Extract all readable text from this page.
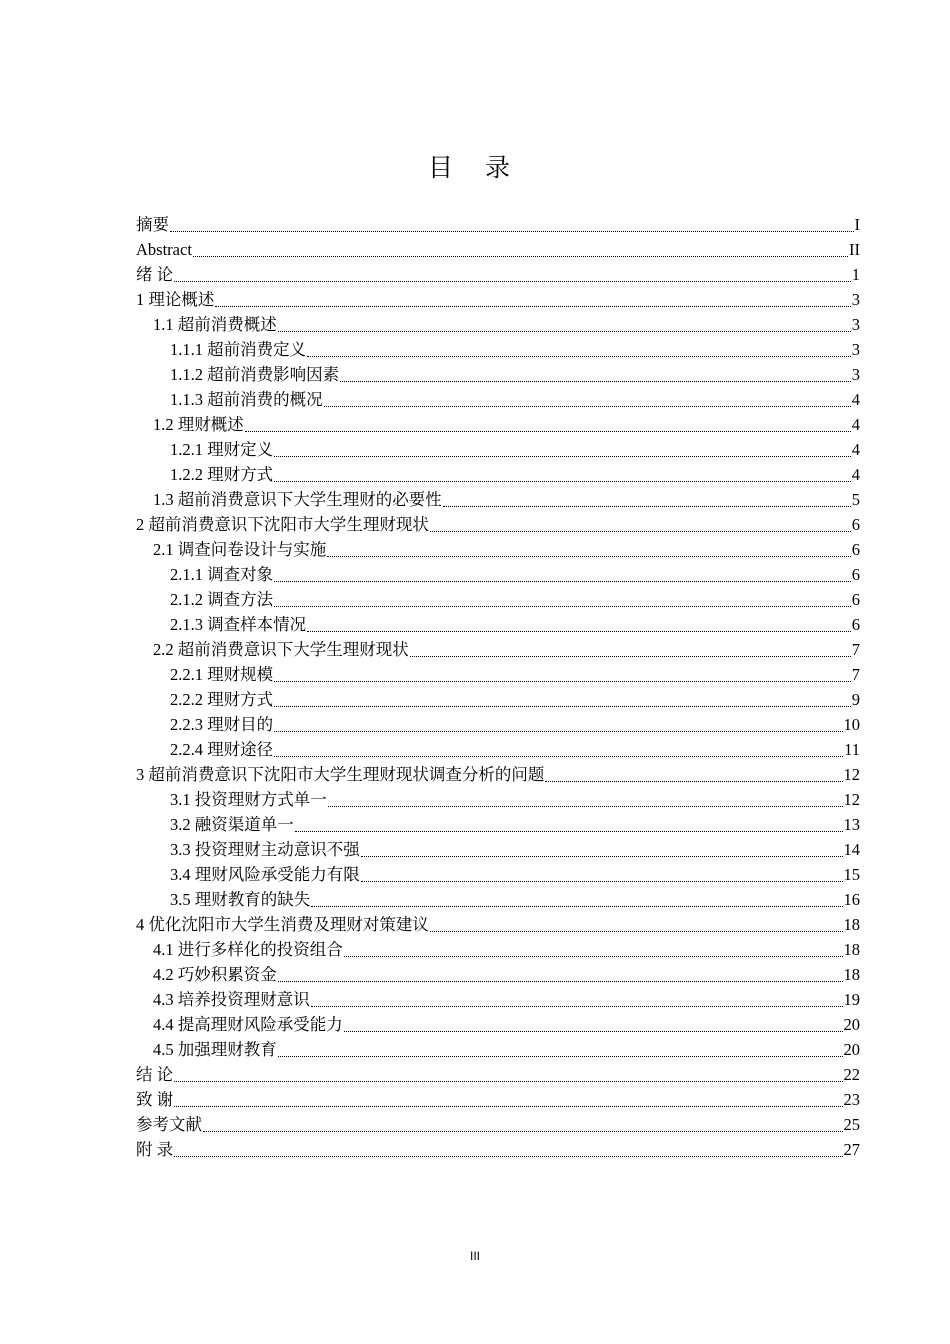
目 录
摘要	I
Abstract	II
绪 论	1
1 理论概述	3
1.1 超前消费概述	3
1.1.1 超前消费定义	3
1.1.2 超前消费影响因素	3
1.1.3 超前消费的概况	4
1.2 理财概述	4
1.2.1 理财定义	4
1.2.2 理财方式	4
1.3 超前消费意识下大学生理财的必要性	5
2 超前消费意识下沈阳市大学生理财现状	6
2.1 调查问卷设计与实施	6
2.1.1 调查对象	6
2.1.2 调查方法	6
2.1.3 调查样本情况	6
2.2 超前消费意识下大学生理财现状	7
2.2.1 理财规模	7
2.2.2 理财方式	9
2.2.3 理财目的	10
2.2.4 理财途径	11
3 超前消费意识下沈阳市大学生理财现状调查分析的问题	12
3.1 投资理财方式单一	12
3.2 融资渠道单一	13
3.3 投资理财主动意识不强	14
3.4 理财风险承受能力有限	15
3.5 理财教育的缺失	16
4 优化沈阳市大学生消费及理财对策建议	18
4.1 进行多样化的投资组合	18
4.2 巧妙积累资金	18
4.3 培养投资理财意识	19
4.4 提高理财风险承受能力	20
4.5 加强理财教育	20
结 论	22
致 谢	23
参考文献	25
附 录	27
III
